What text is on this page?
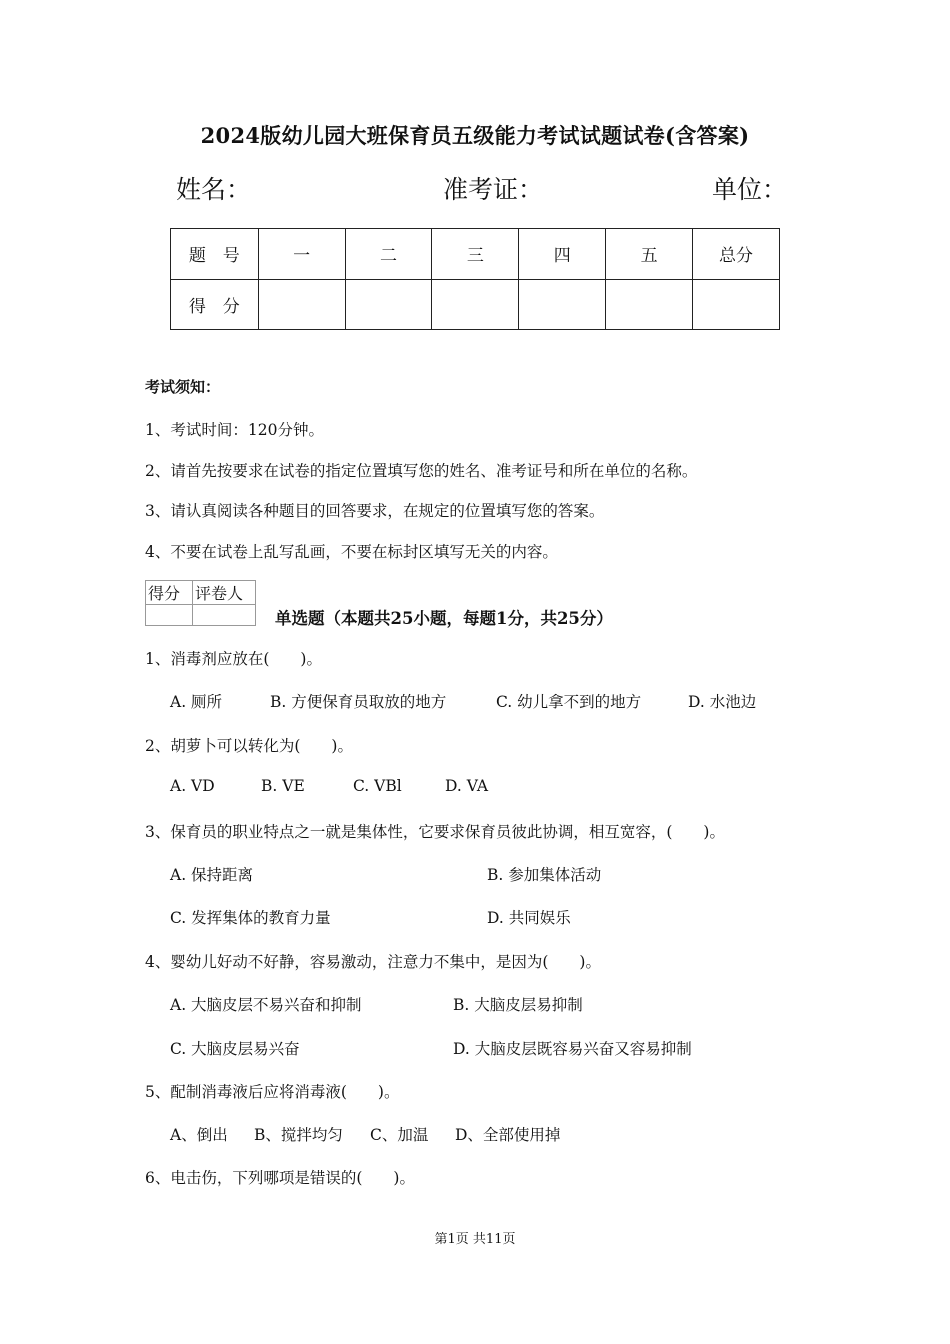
2024版幼儿园大班保育员五级能力考试试题试卷(含答案)
姓名：	准考证：	单位：
题　号	一	二	三	四	五	总分
得　分						
考试须知：
1、考试时间：120分钟。
2、请首先按要求在试卷的指定位置填写您的姓名、准考证号和所在单位的名称。
3、请认真阅读各种题目的回答要求，在规定的位置填写您的答案。
4、不要在试卷上乱写乱画，不要在标封区填写无关的内容。
得分	评卷人

单选题（本题共25小题，每题1分，共25分）
1、消毒剂应放在(　　)。
A. 厕所	B. 方便保育员取放的地方	C. 幼儿拿不到的地方	D. 水池边
2、胡萝卜可以转化为(　　)。
A. VD	B. VE	C. VBl	D. VA
3、保育员的职业特点之一就是集体性，它要求保育员彼此协调，相互宽容，(　　)。
A. 保持距离	B. 参加集体活动
C. 发挥集体的教育力量	D. 共同娱乐
4、婴幼儿好动不好静，容易激动，注意力不集中，是因为(　　)。
A. 大脑皮层不易兴奋和抑制	B. 大脑皮层易抑制
C. 大脑皮层易兴奋	D. 大脑皮层既容易兴奋又容易抑制
5、配制消毒液后应将消毒液(　　)。
A、倒出 B、搅拌均匀 C、加温 D、全部使用掉
6、电击伤，下列哪项是错误的(　　)。
第1页 共11页
